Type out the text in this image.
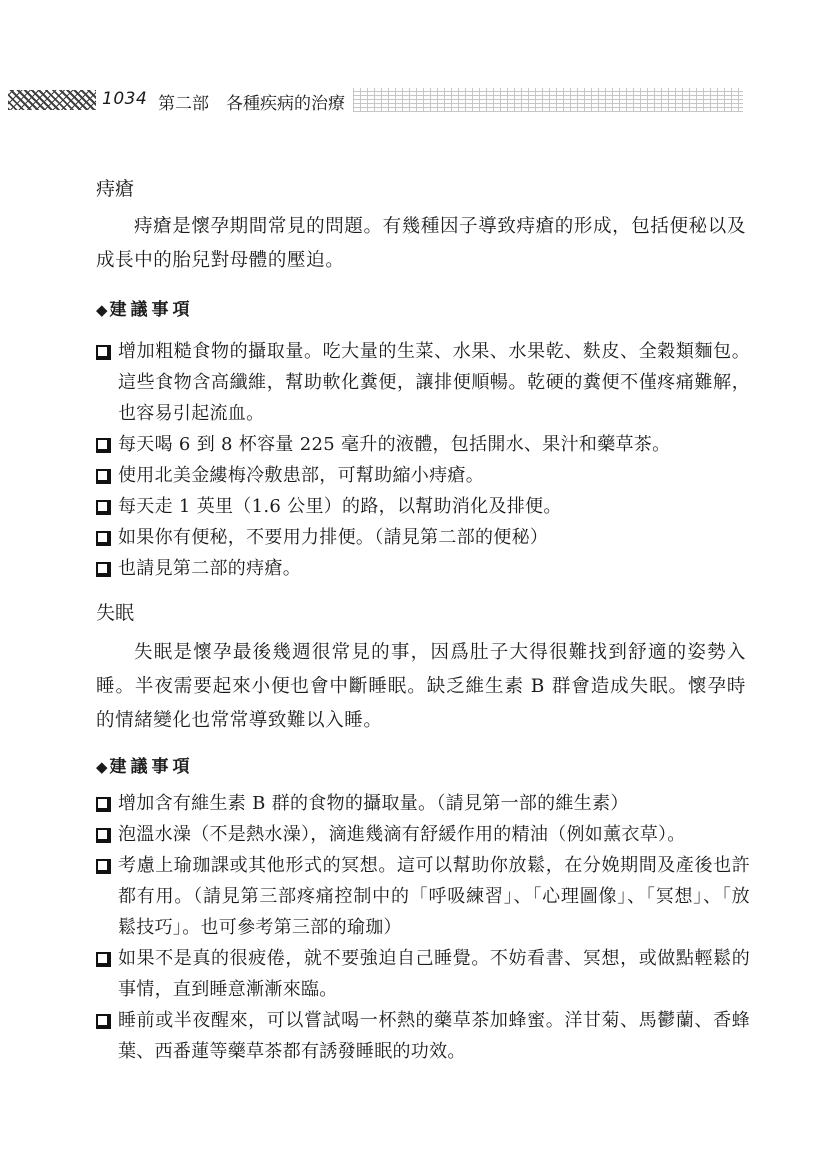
1034 第二部　各種疾病的治療
痔瘡
痔瘡是懷孕期間常見的問題。有幾種因子導致痔瘡的形成，包括便秘以及成長中的胎兒對母體的壓迫。
◆ 建議事項
增加粗糙食物的攝取量。吃大量的生菜、水果、水果乾、麩皮、全穀類麵包。這些食物含高纖維，幫助軟化糞便，讓排便順暢。乾硬的糞便不僅疼痛難解，也容易引起流血。
每天喝 6 到 8 杯容量 225 毫升的液體，包括開水、果汁和藥草茶。
使用北美金縷梅冷敷患部，可幫助縮小痔瘡。
每天走 1 英里（1.6 公里）的路，以幫助消化及排便。
如果你有便秘，不要用力排便。（請見第二部的便秘）
也請見第二部的痔瘡。
失眠
失眠是懷孕最後幾週很常見的事，因爲肚子大得很難找到舒適的姿勢入睡。半夜需要起來小便也會中斷睡眠。缺乏維生素 B 群會造成失眠。懷孕時的情緒變化也常常導致難以入睡。
◆ 建議事項
增加含有維生素 B 群的食物的攝取量。（請見第一部的維生素）
泡溫水澡（不是熱水澡），滴進幾滴有舒緩作用的精油（例如薰衣草）。
考慮上瑜珈課或其他形式的冥想。這可以幫助你放鬆，在分娩期間及產後也許都有用。（請見第三部疼痛控制中的「呼吸練習」、「心理圖像」、「冥想」、「放鬆技巧」。也可參考第三部的瑜珈）
如果不是真的很疲倦，就不要強迫自己睡覺。不妨看書、冥想，或做點輕鬆的事情，直到睡意漸漸來臨。
睡前或半夜醒來，可以嘗試喝一杯熱的藥草茶加蜂蜜。洋甘菊、馬鬱蘭、香蜂葉、西番蓮等藥草茶都有誘發睡眠的功效。
